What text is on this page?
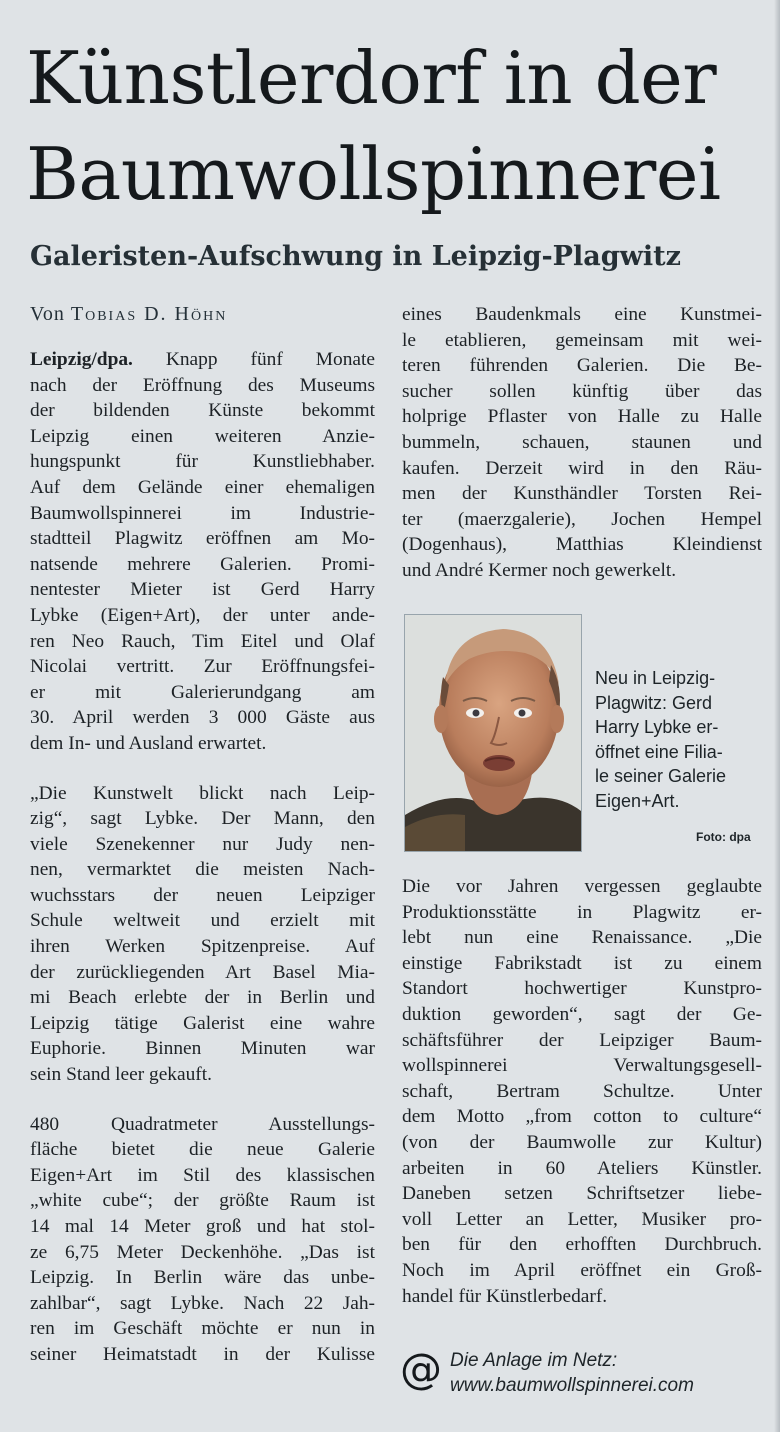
Künstlerdorf in der
Baumwollspinnerei
Galeristen-Aufschwung in Leipzig-Plagwitz
Von Tobias D. Höhn

Leipzig/dpa. Knapp fünf Monate
nach der Eröffnung des Museums
der bildenden Künste bekommt
Leipzig einen weiteren Anzie-
hungspunkt für Kunstliebhaber.
Auf dem Gelände einer ehemaligen
Baumwollspinnerei im Industrie-
stadtteil Plagwitz eröffnen am Mo-
natsende mehrere Galerien. Promi-
nentester Mieter ist Gerd Harry
Lybke (Eigen+Art), der unter ande-
ren Neo Rauch, Tim Eitel und Olaf
Nicolai vertritt. Zur Eröffnungsfei-
er mit Galerierundgang am
30. April werden 3 000 Gäste aus
dem In- und Ausland erwartet.

„Die Kunstwelt blickt nach Leip-
zig“, sagt Lybke. Der Mann, den
viele Szenekenner nur Judy nen-
nen, vermarktet die meisten Nach-
wuchsstars der neuen Leipziger
Schule weltweit und erzielt mit
ihren Werken Spitzenpreise. Auf
der zurückliegenden Art Basel Mia-
mi Beach erlebte der in Berlin und
Leipzig tätige Galerist eine wahre
Euphorie. Binnen Minuten war
sein Stand leer gekauft.

480 Quadratmeter Ausstellungs-
fläche bietet die neue Galerie
Eigen+Art im Stil des klassischen
„white cube“; der größte Raum ist
14 mal 14 Meter groß und hat stol-
ze 6,75 Meter Deckenhöhe. „Das ist
Leipzig. In Berlin wäre das unbe-
zahlbar“, sagt Lybke. Nach 22 Jah-
ren im Geschäft möchte er nun in
seiner Heimatstadt in der Kulisse

eines Baudenkmals eine Kunstmei-
le etablieren, gemeinsam mit wei-
teren führenden Galerien. Die Be-
sucher sollen künftig über das
holprige Pflaster von Halle zu Halle
bummeln, schauen, staunen und
kaufen. Derzeit wird in den Räu-
men der Kunsthändler Torsten Rei-
ter (maerzgalerie), Jochen Hempel
(Dogenhaus), Matthias Kleindienst
und André Kermer noch gewerkelt.
Neu in Leipzig-
Plagwitz: Gerd
Harry Lybke er-
öffnet eine Filia-
le seiner Galerie
Eigen+Art.
Foto: dpa
Die vor Jahren vergessen geglaubte
Produktionsstätte in Plagwitz er-
lebt nun eine Renaissance. „Die
einstige Fabrikstadt ist zu einem
Standort hochwertiger Kunstpro-
duktion geworden“, sagt der Ge-
schäftsführer der Leipziger Baum-
wollspinnerei Verwaltungsgesell-
schaft, Bertram Schultze. Unter
dem Motto „from cotton to culture“
(von der Baumwolle zur Kultur)
arbeiten in 60 Ateliers Künstler.
Daneben setzen Schriftsetzer liebe-
voll Letter an Letter, Musiker pro-
ben für den erhofften Durchbruch.
Noch im April eröffnet ein Groß-
handel für Künstlerbedarf.
@ Die Anlage im Netz:
www.baumwollspinnerei.com
